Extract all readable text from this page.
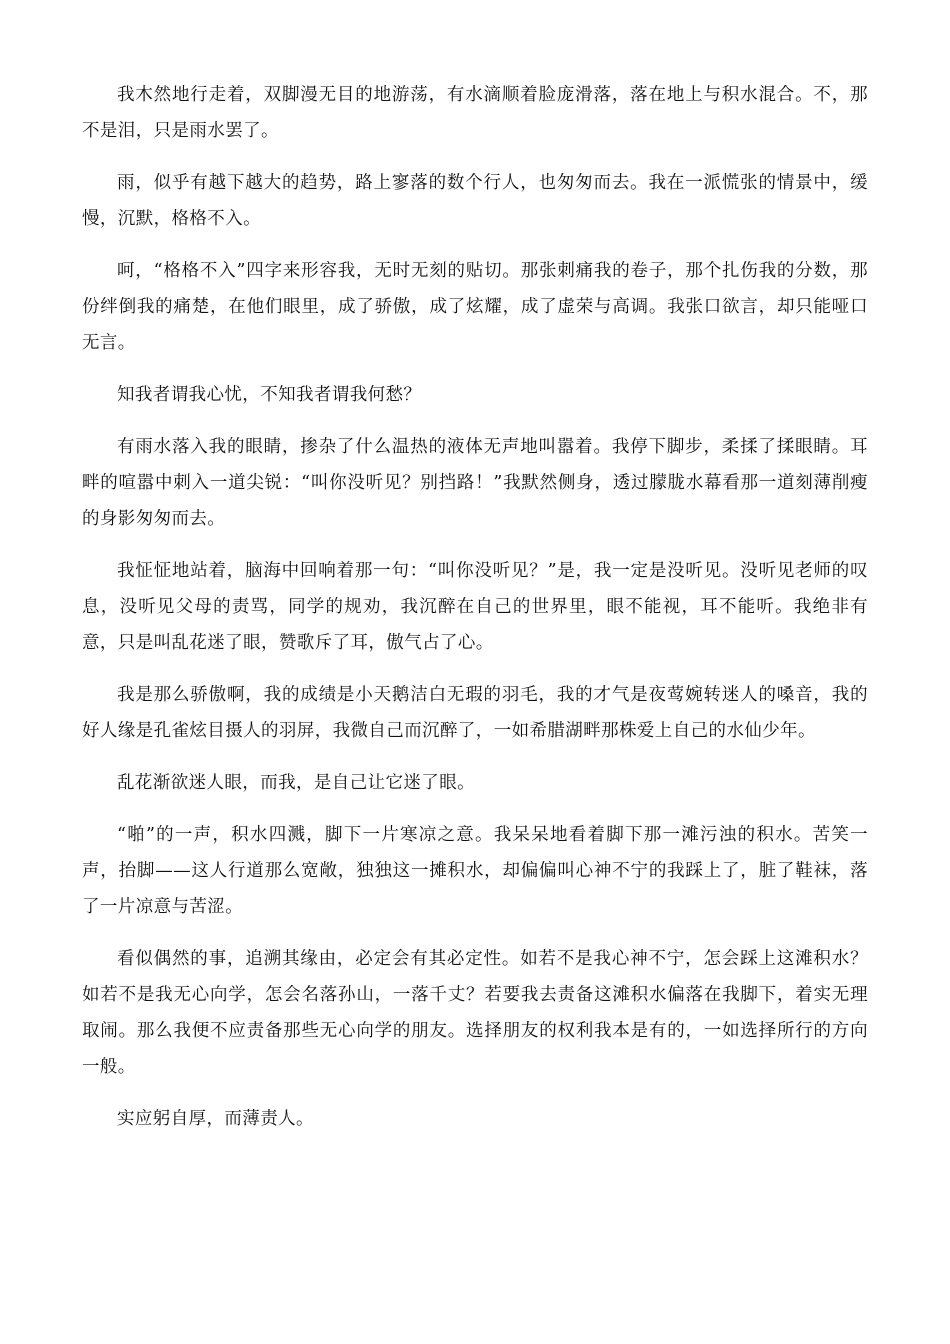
我木然地行走着，双脚漫无目的地游荡，有水滴顺着脸庞滑落，落在地上与积水混合。不，那不是泪，只是雨水罢了。

雨，似乎有越下越大的趋势，路上寥落的数个行人，也匆匆而去。我在一派慌张的情景中，缓慢，沉默，格格不入。

呵，“格格不入”四字来形容我，无时无刻的贴切。那张刺痛我的卷子，那个扎伤我的分数，那份绊倒我的痛楚，在他们眼里，成了骄傲，成了炫耀，成了虚荣与高调。我张口欲言，却只能哑口无言。

知我者谓我心忧，不知我者谓我何愁？

有雨水落入我的眼睛，掺杂了什么温热的液体无声地叫嚣着。我停下脚步，柔揉了揉眼睛。耳畔的喧嚣中刺入一道尖锐：“叫你没听见？别挡路！”我默然侧身，透过朦胧水幕看那一道刻薄削瘦的身影匆匆而去。

我怔怔地站着，脑海中回响着那一句：“叫你没听见？”是，我一定是没听见。没听见老师的叹息，没听见父母的责骂，同学的规劝，我沉醉在自己的世界里，眼不能视，耳不能听。我绝非有意，只是叫乱花迷了眼，赞歌斥了耳，傲气占了心。

我是那么骄傲啊，我的成绩是小天鹅洁白无瑕的羽毛，我的才气是夜莺婉转迷人的嗓音，我的好人缘是孔雀炫目摄人的羽屏，我微自己而沉醉了，一如希腊湖畔那株爱上自己的水仙少年。

乱花渐欲迷人眼，而我，是自己让它迷了眼。

“啪”的一声，积水四溅，脚下一片寒凉之意。我呆呆地看着脚下那一滩污浊的积水。苦笑一声，抬脚——这人行道那么宽敞，独独这一摊积水，却偏偏叫心神不宁的我踩上了，脏了鞋袜，落了一片凉意与苦涩。

看似偶然的事，追溯其缘由，必定会有其必定性。如若不是我心神不宁，怎会踩上这滩积水？如若不是我无心向学，怎会名落孙山，一落千丈？若要我去责备这滩积水偏落在我脚下，着实无理取闹。那么我便不应责备那些无心向学的朋友。选择朋友的权利我本是有的，一如选择所行的方向一般。

实应躬自厚，而薄责人。
